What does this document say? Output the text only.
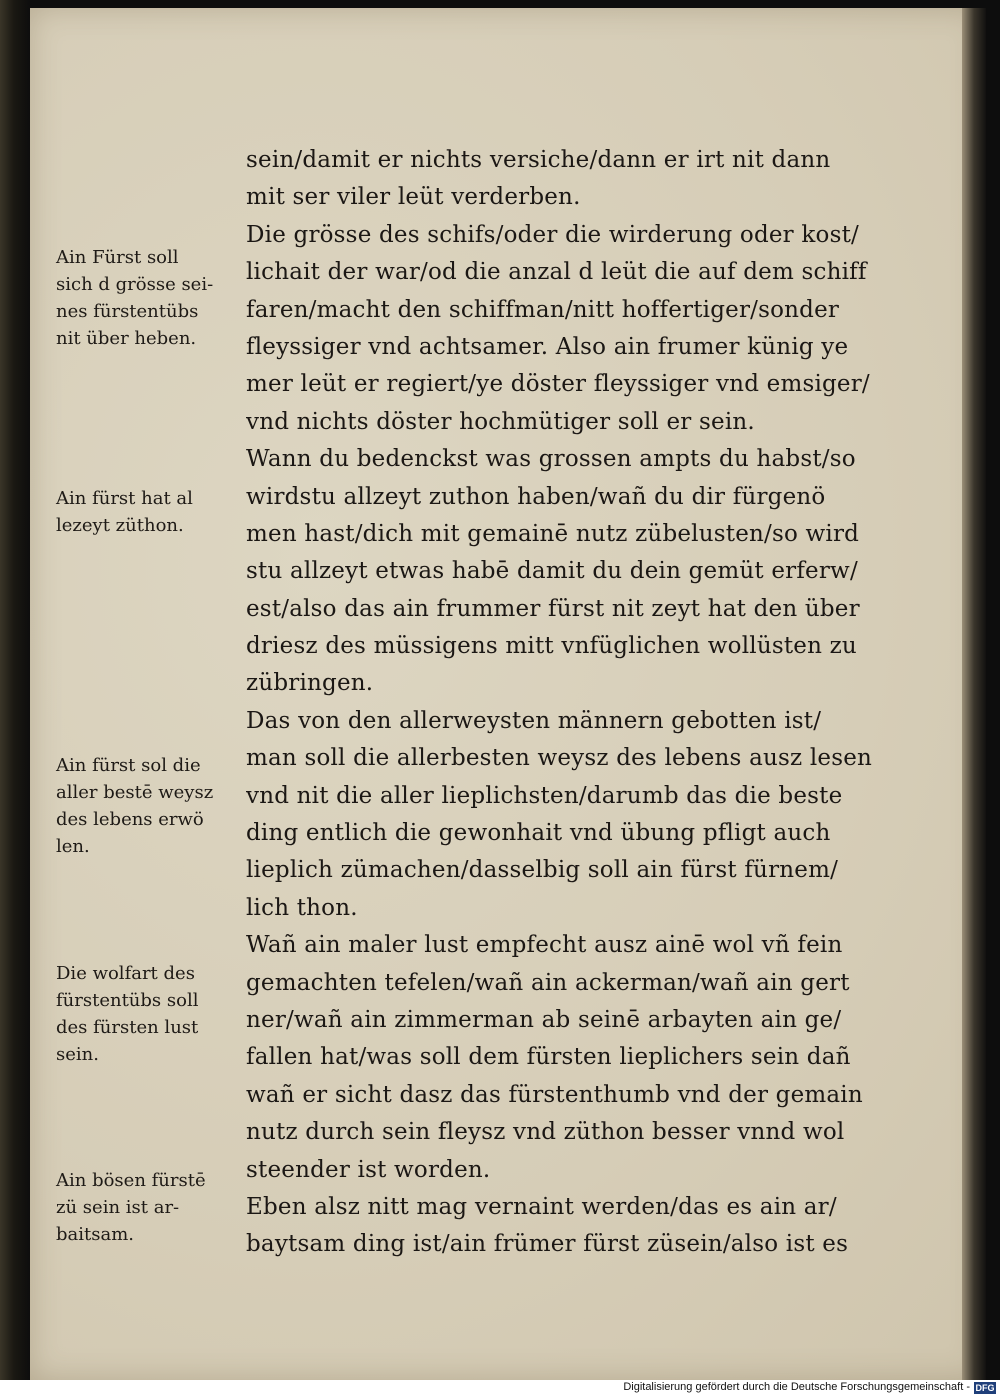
sein/damit er nichts versiche/dann er irt nit dann
mit ser viler leüt verderben.
Die grösse des schifs/oder die wirderung oder kost/
lichait der war/od die anzal d leüt die auf dem schiff
faren/macht den schiffman/nitt hoffertiger/sonder
fleyssiger vnd achtsamer. Also ain frumer künig ye
mer leüt er regiert/ye döster fleyssiger vnd emsiger/
vnd nichts döster hochmütiger soll er sein.
Wann du bedenckst was grossen ampts du habst/so
wirdstu allzeyt zuthon haben/wañ du dir fürgenö
men hast/dich mit gemainē nutz zübelusten/so wird
stu allzeyt etwas habē damit du dein gemüt erferw/
est/also das ain frummer fürst nit zeyt hat den über
driesz des müssigens mitt vnfüglichen wollüsten zu
zübringen.
Das von den allerweysten männern gebotten ist/
man soll die allerbesten weysz des lebens ausz lesen
vnd nit die aller lieplichsten/darumb das die beste
ding entlich die gewonhait vnd übung pfligt auch
lieplich zümachen/dasselbig soll ain fürst fürnem/
lich thon.
Wañ ain maler lust empfecht ausz ainē wol vñ fein
gemachten tefelen/wañ ain ackerman/wañ ain gert
ner/wañ ain zimmerman ab seinē arbayten ain ge/
fallen hat/was soll dem fürsten lieplichers sein dañ
wañ er sicht dasz das fürstenthumb vnd der gemain
nutz durch sein fleysz vnd züthon besser vnnd wol
steender ist worden.
Eben alsz nitt mag vernaint werden/das es ain ar/
baytsam ding ist/ain frümer fürst züsein/also ist es
Ain Fürst soll
sich d grösse sei-
nes fürstentübs
nit über heben.
Ain fürst hat al
lezeyt züthon.
Ain fürst sol die
aller bestē weysz
des lebens erwö
len.
Die wolfart des
fürstentübs soll
des fürsten lust
sein.
Ain bösen fürstē
zü sein ist ar-
baitsam.
Digitalisierung gefördert durch die Deutsche Forschungsgemeinschaft - DFG
